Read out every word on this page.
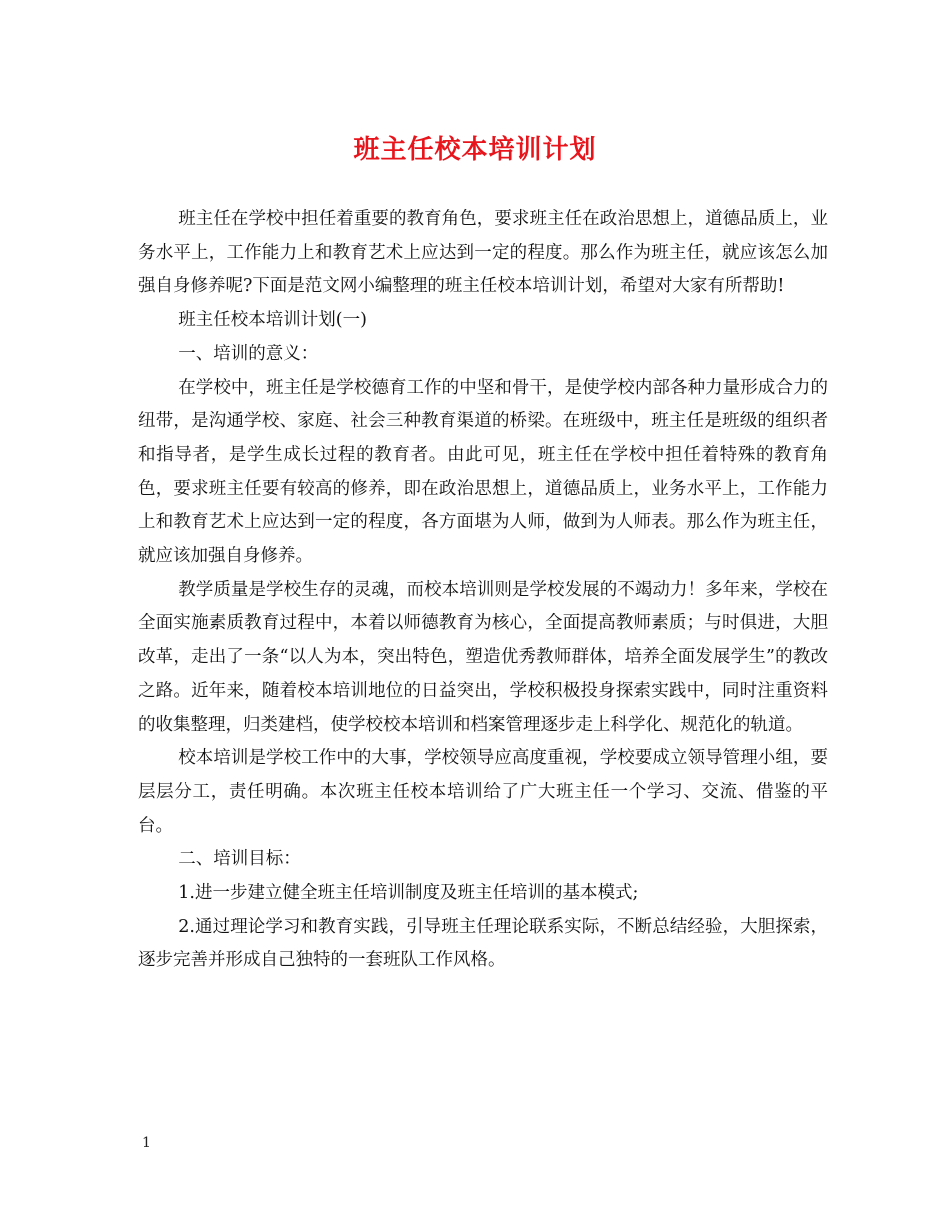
班主任校本培训计划

班主任在学校中担任着重要的教育角色，要求班主任在政治思想上，道德品质上，业务水平上，工作能力上和教育艺术上应达到一定的程度。那么作为班主任，就应该怎么加强自身修养呢?下面是范文网小编整理的班主任校本培训计划，希望对大家有所帮助!

班主任校本培训计划(一)

一、培训的意义：

在学校中，班主任是学校德育工作的中坚和骨干，是使学校内部各种力量形成合力的纽带，是沟通学校、家庭、社会三种教育渠道的桥梁。在班级中，班主任是班级的组织者和指导者，是学生成长过程的教育者。由此可见，班主任在学校中担任着特殊的教育角色，要求班主任要有较高的修养，即在政治思想上，道德品质上，业务水平上，工作能力上和教育艺术上应达到一定的程度，各方面堪为人师，做到为人师表。那么作为班主任，就应该加强自身修养。

教学质量是学校生存的灵魂，而校本培训则是学校发展的不竭动力！多年来，学校在全面实施素质教育过程中，本着以师德教育为核心，全面提高教师素质；与时俱进，大胆改革，走出了一条“以人为本，突出特色，塑造优秀教师群体，培养全面发展学生”的教改之路。近年来，随着校本培训地位的日益突出，学校积极投身探索实践中，同时注重资料的收集整理，归类建档，使学校校本培训和档案管理逐步走上科学化、规范化的轨道。

校本培训是学校工作中的大事，学校领导应高度重视，学校要成立领导管理小组，要层层分工，责任明确。本次班主任校本培训给了广大班主任一个学习、交流、借鉴的平台。

二、培训目标：

1.进一步建立健全班主任培训制度及班主任培训的基本模式;

2.通过理论学习和教育实践，引导班主任理论联系实际，不断总结经验，大胆探索，逐步完善并形成自己独特的一套班队工作风格。

1
